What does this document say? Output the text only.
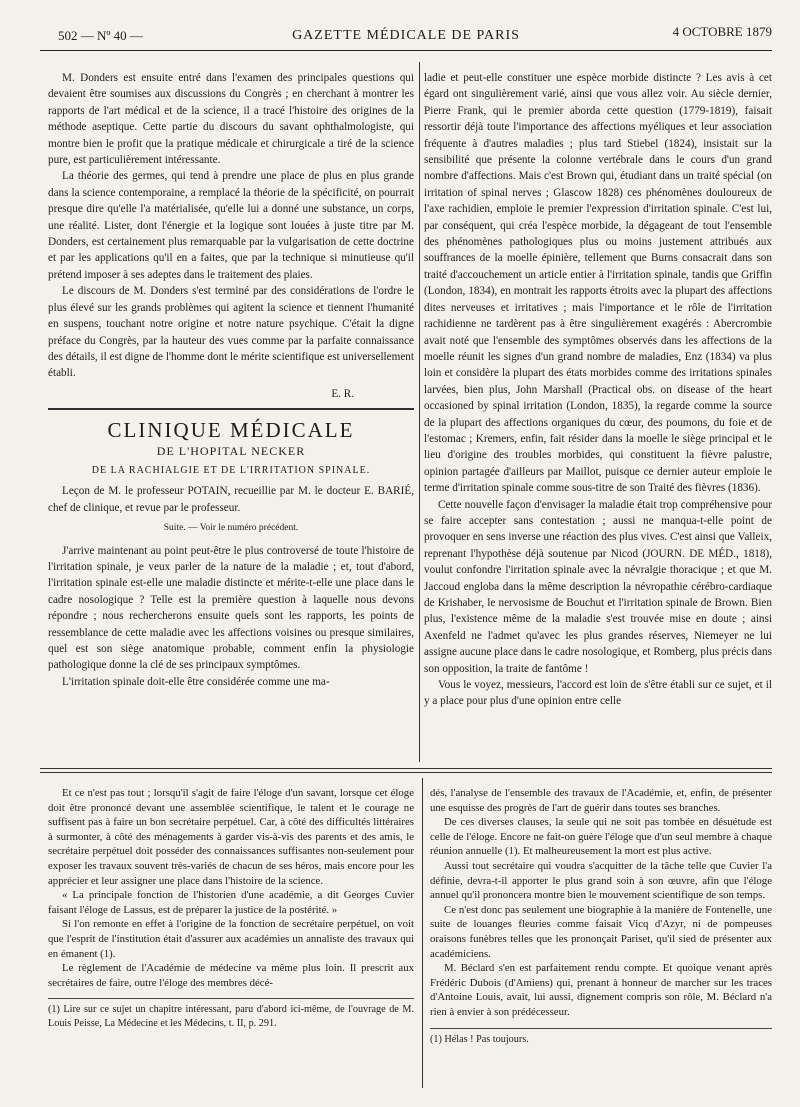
502 — Nº 40 —	GAZETTE MÉDICALE DE PARIS	4 OCTOBRE 1879

M. Donders est ensuite entré dans l'examen des principales questions qui devaient être soumises aux discussions du Congrès ; en cherchant à montrer les rapports de l'art médical et de la science, il a tracé l'histoire des origines de la méthode aseptique. Cette partie du discours du savant ophthalmologiste, qui montre bien le profit que la pratique médicale et chirurgicale a tiré de la science pure, est particulièrement intéressante.

La théorie des germes, qui tend à prendre une place de plus en plus grande dans la science contemporaine, a remplacé la théorie de la spécificité, on pourrait presque dire qu'elle l'a matérialisée, qu'elle lui a donné une substance, un corps, une réalité. Lister, dont l'énergie et la logique sont louées à juste titre par M. Donders, est certainement plus remarquable par la vulgarisation de cette doctrine et par les applications qu'il en a faites, que par la technique si minutieuse qu'il prétend imposer à ses adeptes dans le traitement des plaies.

Le discours de M. Donders s'est terminé par des considérations de l'ordre le plus élevé sur les grands problèmes qui agitent la science et tiennent l'humanité en suspens, touchant notre origine et notre nature psychique. C'était la digne préface du Congrès, par la hauteur des vues comme par la parfaite connaissance des détails, il est digne de l'homme dont le mérite scientifique est universellement établi.

E. R.
CLINIQUE MÉDICALE
DE L'HOPITAL NECKER
DE LA RACHIALGIE ET DE L'IRRITATION SPINALE.

Leçon de M. le professeur POTAIN, recueillie par M. le docteur E. BARIÉ, chef de clinique, et revue par le professeur.

Suite. — Voir le numéro précédent.

J'arrive maintenant au point peut-être le plus controversé de toute l'histoire de l'irritation spinale, je veux parler de la nature de la maladie ; et, tout d'abord, l'irritation spinale est-elle une maladie distincte et mérite-t-elle une place dans le cadre nosologique ? Telle est la première question à laquelle nous devons répondre ; nous rechercherons ensuite quels sont les rapports, les points de ressemblance de cette maladie avec les affections voisines ou presque similaires, quel est son siège anatomique probable, comment enfin la physiologie pathologique donne la clé de ses principaux symptômes.

L'irritation spinale doit-elle être considérée comme une ma-

ladie et peut-elle constituer une espèce morbide distincte ? Les avis à cet égard ont singulièrement varié, ainsi que vous allez voir. Au siècle dernier, Pierre Frank, qui le premier aborda cette question (1779-1819), faisait ressortir déjà toute l'importance des affections myéliques et leur association fréquente à d'autres maladies ; plus tard Stiebel (1824), insistait sur la sensibilité que présente la colonne vertébrale dans le cours d'un grand nombre d'affections. Mais c'est Brown qui, étudiant dans un traité spécial (on irritation of spinal nerves ; Glascow 1828) ces phénomènes douloureux de l'axe rachidien, emploie le premier l'expression d'irritation spinale. C'est lui, par conséquent, qui créa l'espèce morbide, la dégageant de tout l'ensemble des phénomènes pathologiques plus ou moins justement attribués aux souffrances de la moelle épinière, tellement que Burns consacrait dans son traité d'accouchement un article entier à l'irritation spinale, tandis que Griffin (London, 1834), en montrait les rapports étroits avec la plupart des affections dites nerveuses et irritatives ; mais l'importance et le rôle de l'irritation rachidienne ne tardèrent pas à être singulièrement exagérés : Abercrombie avait noté que l'ensemble des symptômes observés dans les affections de la moelle réunit les signes d'un grand nombre de maladies, Enz (1834) va plus loin et considère la plupart des états morbides comme des irritations spinales larvées, bien plus, John Marshall (Practical obs. on disease of the heart occasioned by spinal irritation (London, 1835), la regarde comme la source de la plupart des affections organiques du cœur, des poumons, du foie et de l'estomac ; Kremers, enfin, fait résider dans la moelle le siège principal et le lieu d'origine des troubles morbides, qui constituent la fièvre palustre, opinion partagée d'ailleurs par Maillot, puisque ce dernier auteur emploie le terme d'irritation spinale comme sous-titre de son Traité des fièvres (1836).

Cette nouvelle façon d'envisager la maladie était trop compréhensive pour se faire accepter sans contestation ; aussi ne manqua-t-elle point de provoquer en sens inverse une réaction des plus vives. C'est ainsi que Valleix, reprenant l'hypothèse déjà soutenue par Nicod (JOURN. DE MÉD., 1818), voulut confondre l'irritation spinale avec la névralgie thoracique ; et que M. Jaccoud engloba dans la même description la névropathie cérébro-cardiaque de Krishaber, le nervosisme de Bouchut et l'irritation spinale de Brown. Bien plus, l'existence même de la maladie s'est trouvée mise en doute ; ainsi Axenfeld ne l'admet qu'avec les plus grandes réserves, Niemeyer ne lui assigne aucune place dans le cadre nosologique, et Romberg, plus précis dans son opposition, la traite de fantôme !

Vous le voyez, messieurs, l'accord est loin de s'être établi sur ce sujet, et il y a place pour plus d'une opinion entre celle

Et ce n'est pas tout ; lorsqu'il s'agit de faire l'éloge d'un savant, lorsque cet éloge doit être prononcé devant une assemblée scientifique, le talent et le courage ne suffisent pas à faire un bon secrétaire perpétuel. Car, à côté des difficultés littéraires à surmonter, à côté des ménagements à garder vis-à-vis des parents et des amis, le secrétaire perpétuel doit posséder des connaissances suffisantes non-seulement pour exposer les travaux souvent très-variés de chacun de ses héros, mais encore pour les apprécier et leur assigner une place dans l'histoire de la science.

« La principale fonction de l'historien d'une académie, a dit Georges Cuvier faisant l'éloge de Lassus, est de préparer la justice de la postérité. »

Si l'on remonte en effet à l'origine de la fonction de secrétaire perpétuel, on voit que l'esprit de l'institution était d'assurer aux académies un annaliste des travaux qui en émanent (1).

Le règlement de l'Académie de médecine va même plus loin. Il prescrit aux secrétaires de faire, outre l'éloge des membres décé-

(1) Lire sur ce sujet un chapitre intéressant, paru d'abord ici-même, de l'ouvrage de M. Louis Peisse, La Médecine et les Médecins, t. II, p. 291.

dés, l'analyse de l'ensemble des travaux de l'Académie, et, enfin, de présenter une esquisse des progrès de l'art de guérir dans toutes ses branches.

De ces diverses clauses, la seule qui ne soit pas tombée en désuétude est celle de l'éloge. Encore ne fait-on guère l'éloge que d'un seul membre à chaque réunion annuelle (1). Et malheureusement la mort est plus active.

Aussi tout secrétaire qui voudra s'acquitter de la tâche telle que Cuvier l'a définie, devra-t-il apporter le plus grand soin à son œuvre, afin que l'éloge annuel qu'il prononcera montre bien le mouvement scientifique de son temps.

Ce n'est donc pas seulement une biographie à la manière de Fontenelle, une suite de louanges fleuries comme faisait Vicq d'Azyr, ni de pompeuses oraisons funèbres telles que les prononçait Pariset, qu'il sied de présenter aux académiciens.

M. Béclard s'en est parfaitement rendu compte. Et quoique venant après Frédéric Dubois (d'Amiens) qui, prenant à honneur de marcher sur les traces d'Antoine Louis, avait, lui aussi, dignement compris son rôle, M. Béclard n'a rien à envier à son prédécesseur.

(1) Hélas ! Pas toujours.
